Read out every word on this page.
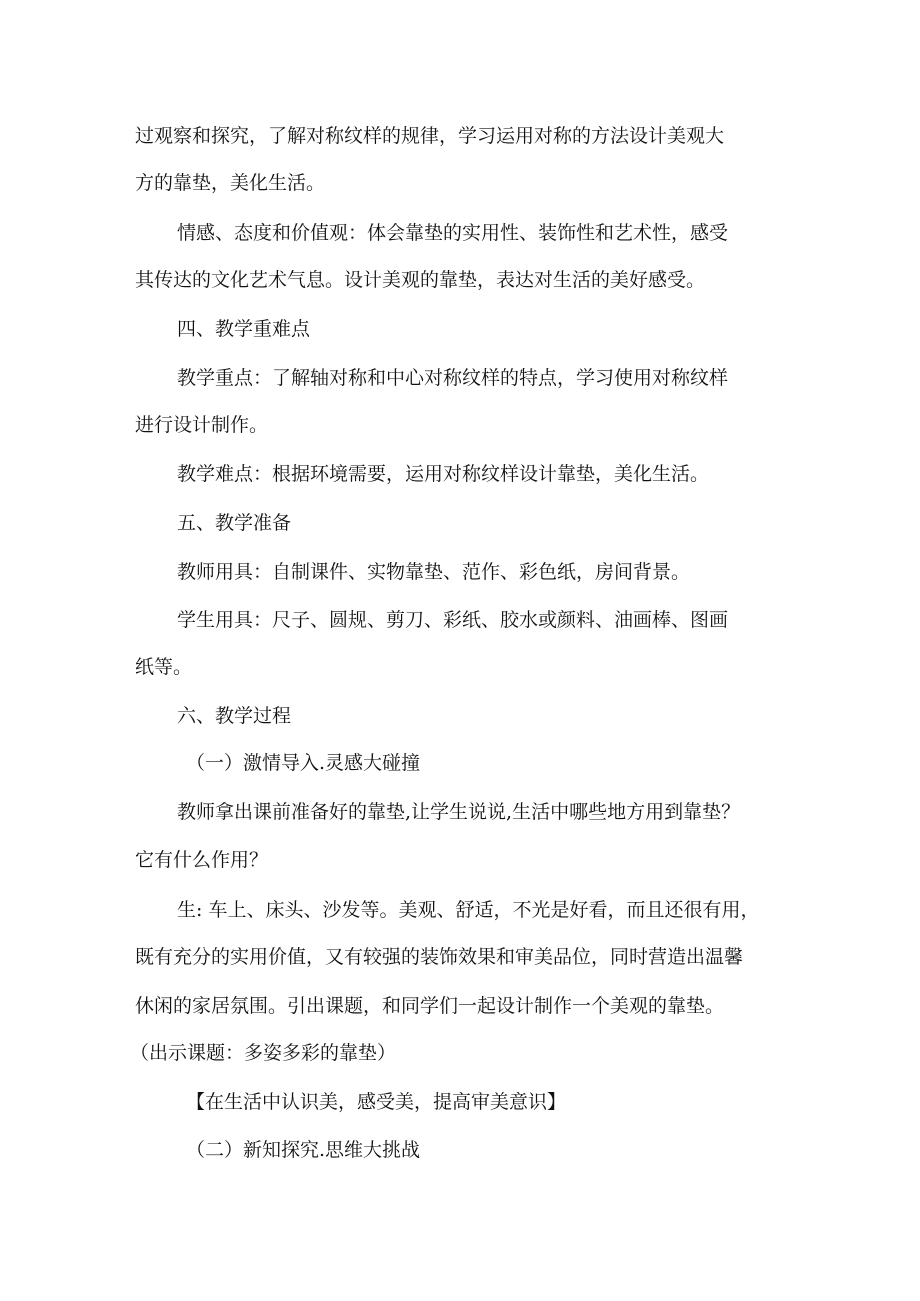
过观察和探究，了解对称纹样的规律，学习运用对称的方法设计美观大

方的靠垫，美化生活。

情感、态度和价值观：体会靠垫的实用性、装饰性和艺术性，感受

其传达的文化艺术气息。设计美观的靠垫，表达对生活的美好感受。

四、教学重难点

教学重点：了解轴对称和中心对称纹样的特点，学习使用对称纹样

进行设计制作。

教学难点：根据环境需要，运用对称纹样设计靠垫，美化生活。

五、教学准备

教师用具：自制课件、实物靠垫、范作、彩色纸，房间背景。

学生用具：尺子、圆规、剪刀、彩纸、胶水或颜料、油画棒、图画

纸等。

六、教学过程

（一）激情导入.灵感大碰撞

教师拿出课前准备好的靠垫,让学生说说,生活中哪些地方用到靠垫？

它有什么作用？

生: 车上、床头、沙发等。美观、舒适，不光是好看，而且还很有用，

既有充分的实用价值，又有较强的装饰效果和审美品位，同时营造出温馨

休闲的家居氛围。引出课题，和同学们一起设计制作一个美观的靠垫。

（出示课题：多姿多彩的靠垫）

【在生活中认识美，感受美，提高审美意识】

（二）新知探究.思维大挑战
